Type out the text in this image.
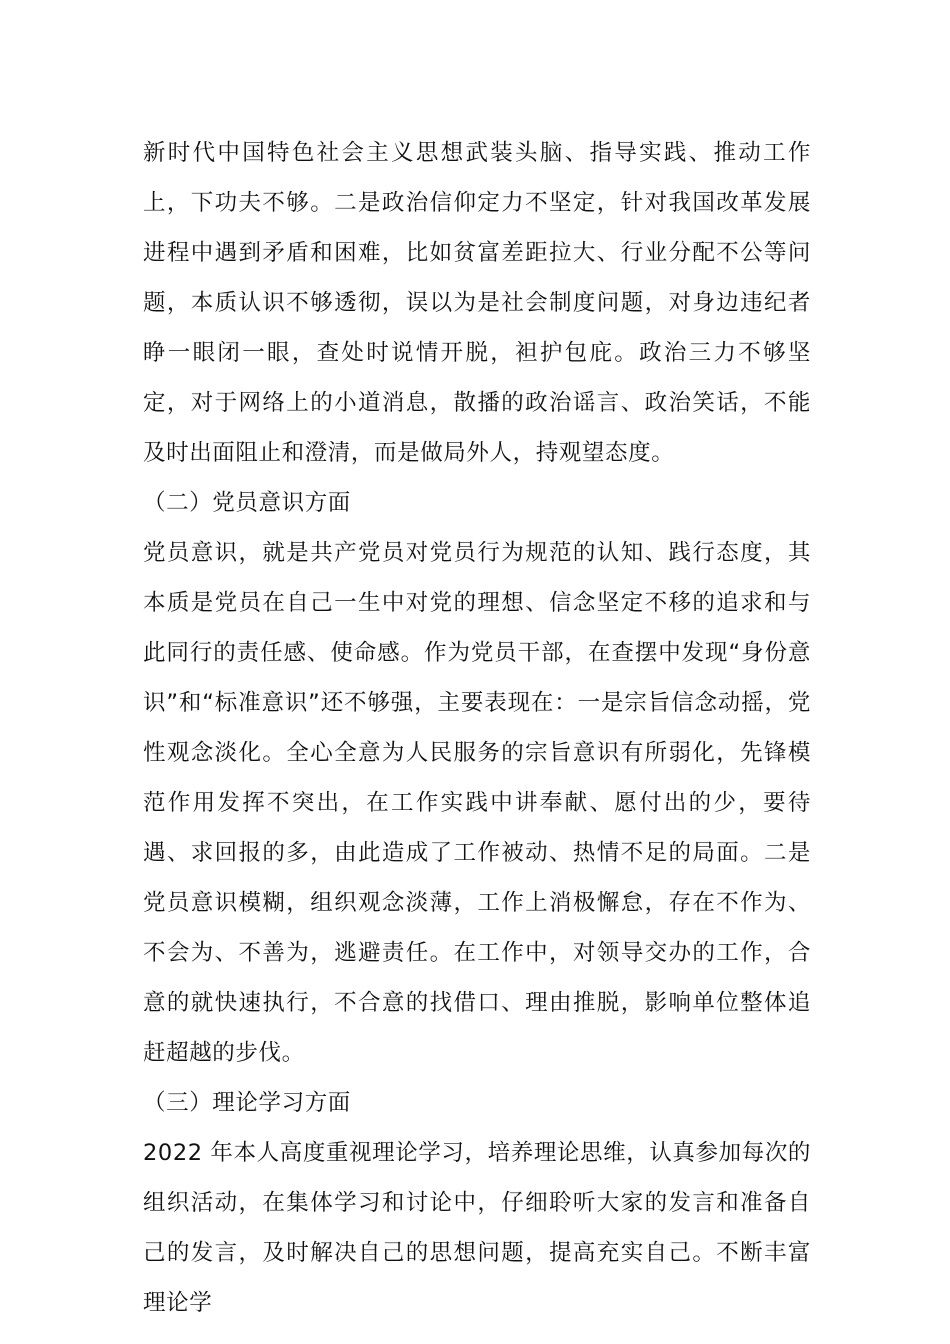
新时代中国特色社会主义思想武装头脑、指导实践、推动工作上，下功夫不够。二是政治信仰定力不坚定，针对我国改革发展进程中遇到矛盾和困难，比如贫富差距拉大、行业分配不公等问题，本质认识不够透彻，误以为是社会制度问题，对身边违纪者睁一眼闭一眼，查处时说情开脱，袒护包庇。政治三力不够坚定，对于网络上的小道消息，散播的政治谣言、政治笑话，不能及时出面阻止和澄清，而是做局外人，持观望态度。

（二）党员意识方面

党员意识，就是共产党员对党员行为规范的认知、践行态度，其本质是党员在自己一生中对党的理想、信念坚定不移的追求和与此同行的责任感、使命感。作为党员干部，在查摆中发现“身份意识”和“标准意识”还不够强，主要表现在：一是宗旨信念动摇，党性观念淡化。全心全意为人民服务的宗旨意识有所弱化，先锋模范作用发挥不突出，在工作实践中讲奉献、愿付出的少，要待遇、求回报的多，由此造成了工作被动、热情不足的局面。二是党员意识模糊，组织观念淡薄，工作上消极懈怠，存在不作为、不会为、不善为，逃避责任。在工作中，对领导交办的工作，合意的就快速执行，不合意的找借口、理由推脱，影响单位整体追赶超越的步伐。

（三）理论学习方面

2022 年本人高度重视理论学习，培养理论思维，认真参加每次的组织活动，在集体学习和讨论中，仔细聆听大家的发言和准备自己的发言，及时解决自己的思想问题，提高充实自己。不断丰富理论学
